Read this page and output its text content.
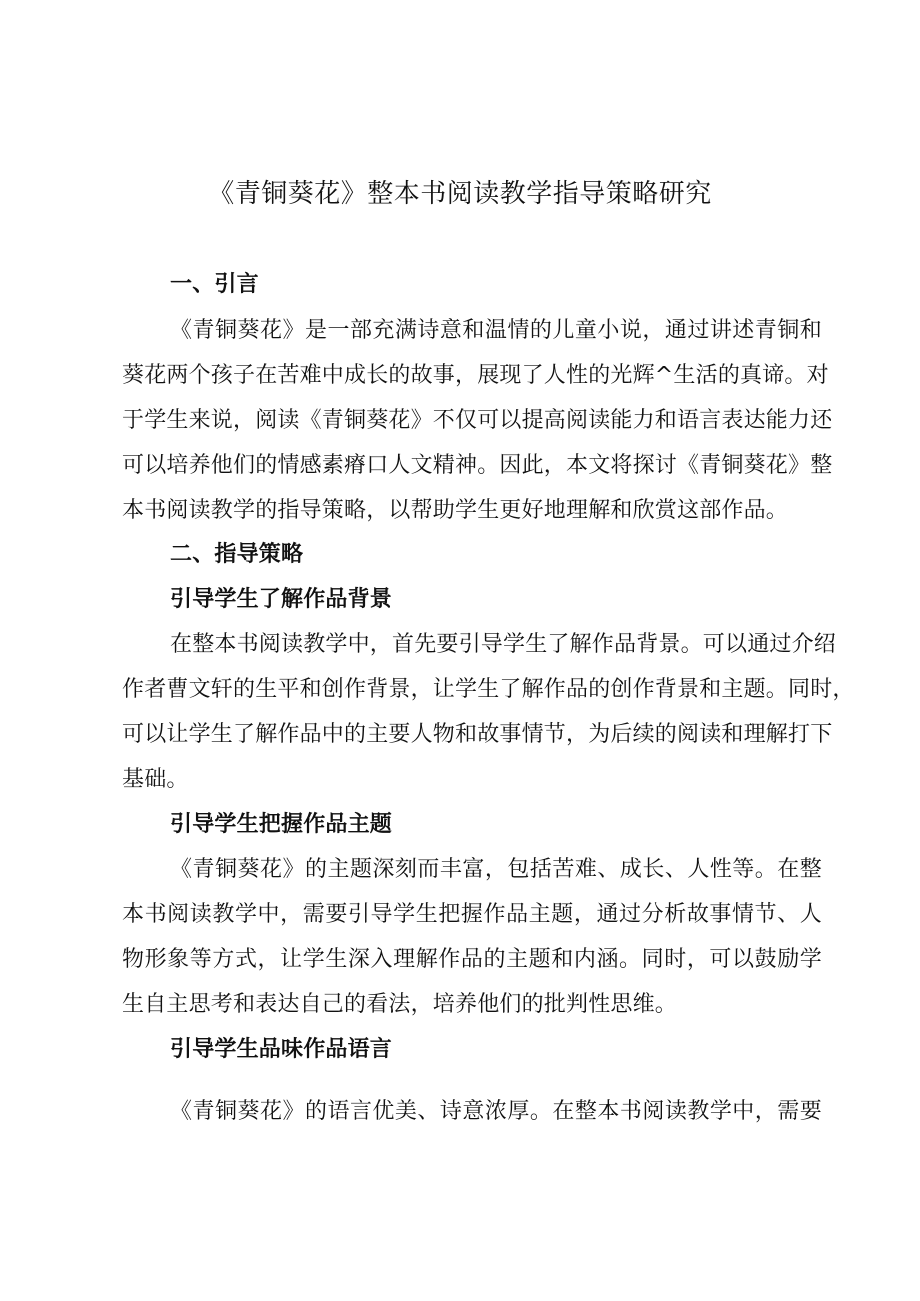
《青铜葵花》整本书阅读教学指导策略研究
一、引言
《青铜葵花》是一部充满诗意和温情的儿童小说，通过讲述青铜和
葵花两个孩子在苦难中成长的故事，展现了人性的光辉^生活的真谛。对
于学生来说，阅读《青铜葵花》不仅可以提高阅读能力和语言表达能力还
可以培养他们的情感素瘠口人文精神。因此，本文将探讨《青铜葵花》整
本书阅读教学的指导策略，以帮助学生更好地理解和欣赏这部作品。
二、指导策略
引导学生了解作品背景
在整本书阅读教学中，首先要引导学生了解作品背景。可以通过介绍
作者曹文轩的生平和创作背景，让学生了解作品的创作背景和主题。同时，
可以让学生了解作品中的主要人物和故事情节，为后续的阅读和理解打下
基础。
引导学生把握作品主题
《青铜葵花》的主题深刻而丰富，包括苦难、成长、人性等。在整
本书阅读教学中，需要引导学生把握作品主题，通过分析故事情节、人
物形象等方式，让学生深入理解作品的主题和内涵。同时，可以鼓励学
生自主思考和表达自己的看法，培养他们的批判性思维。
引导学生品味作品语言
《青铜葵花》的语言优美、诗意浓厚。在整本书阅读教学中，需要
